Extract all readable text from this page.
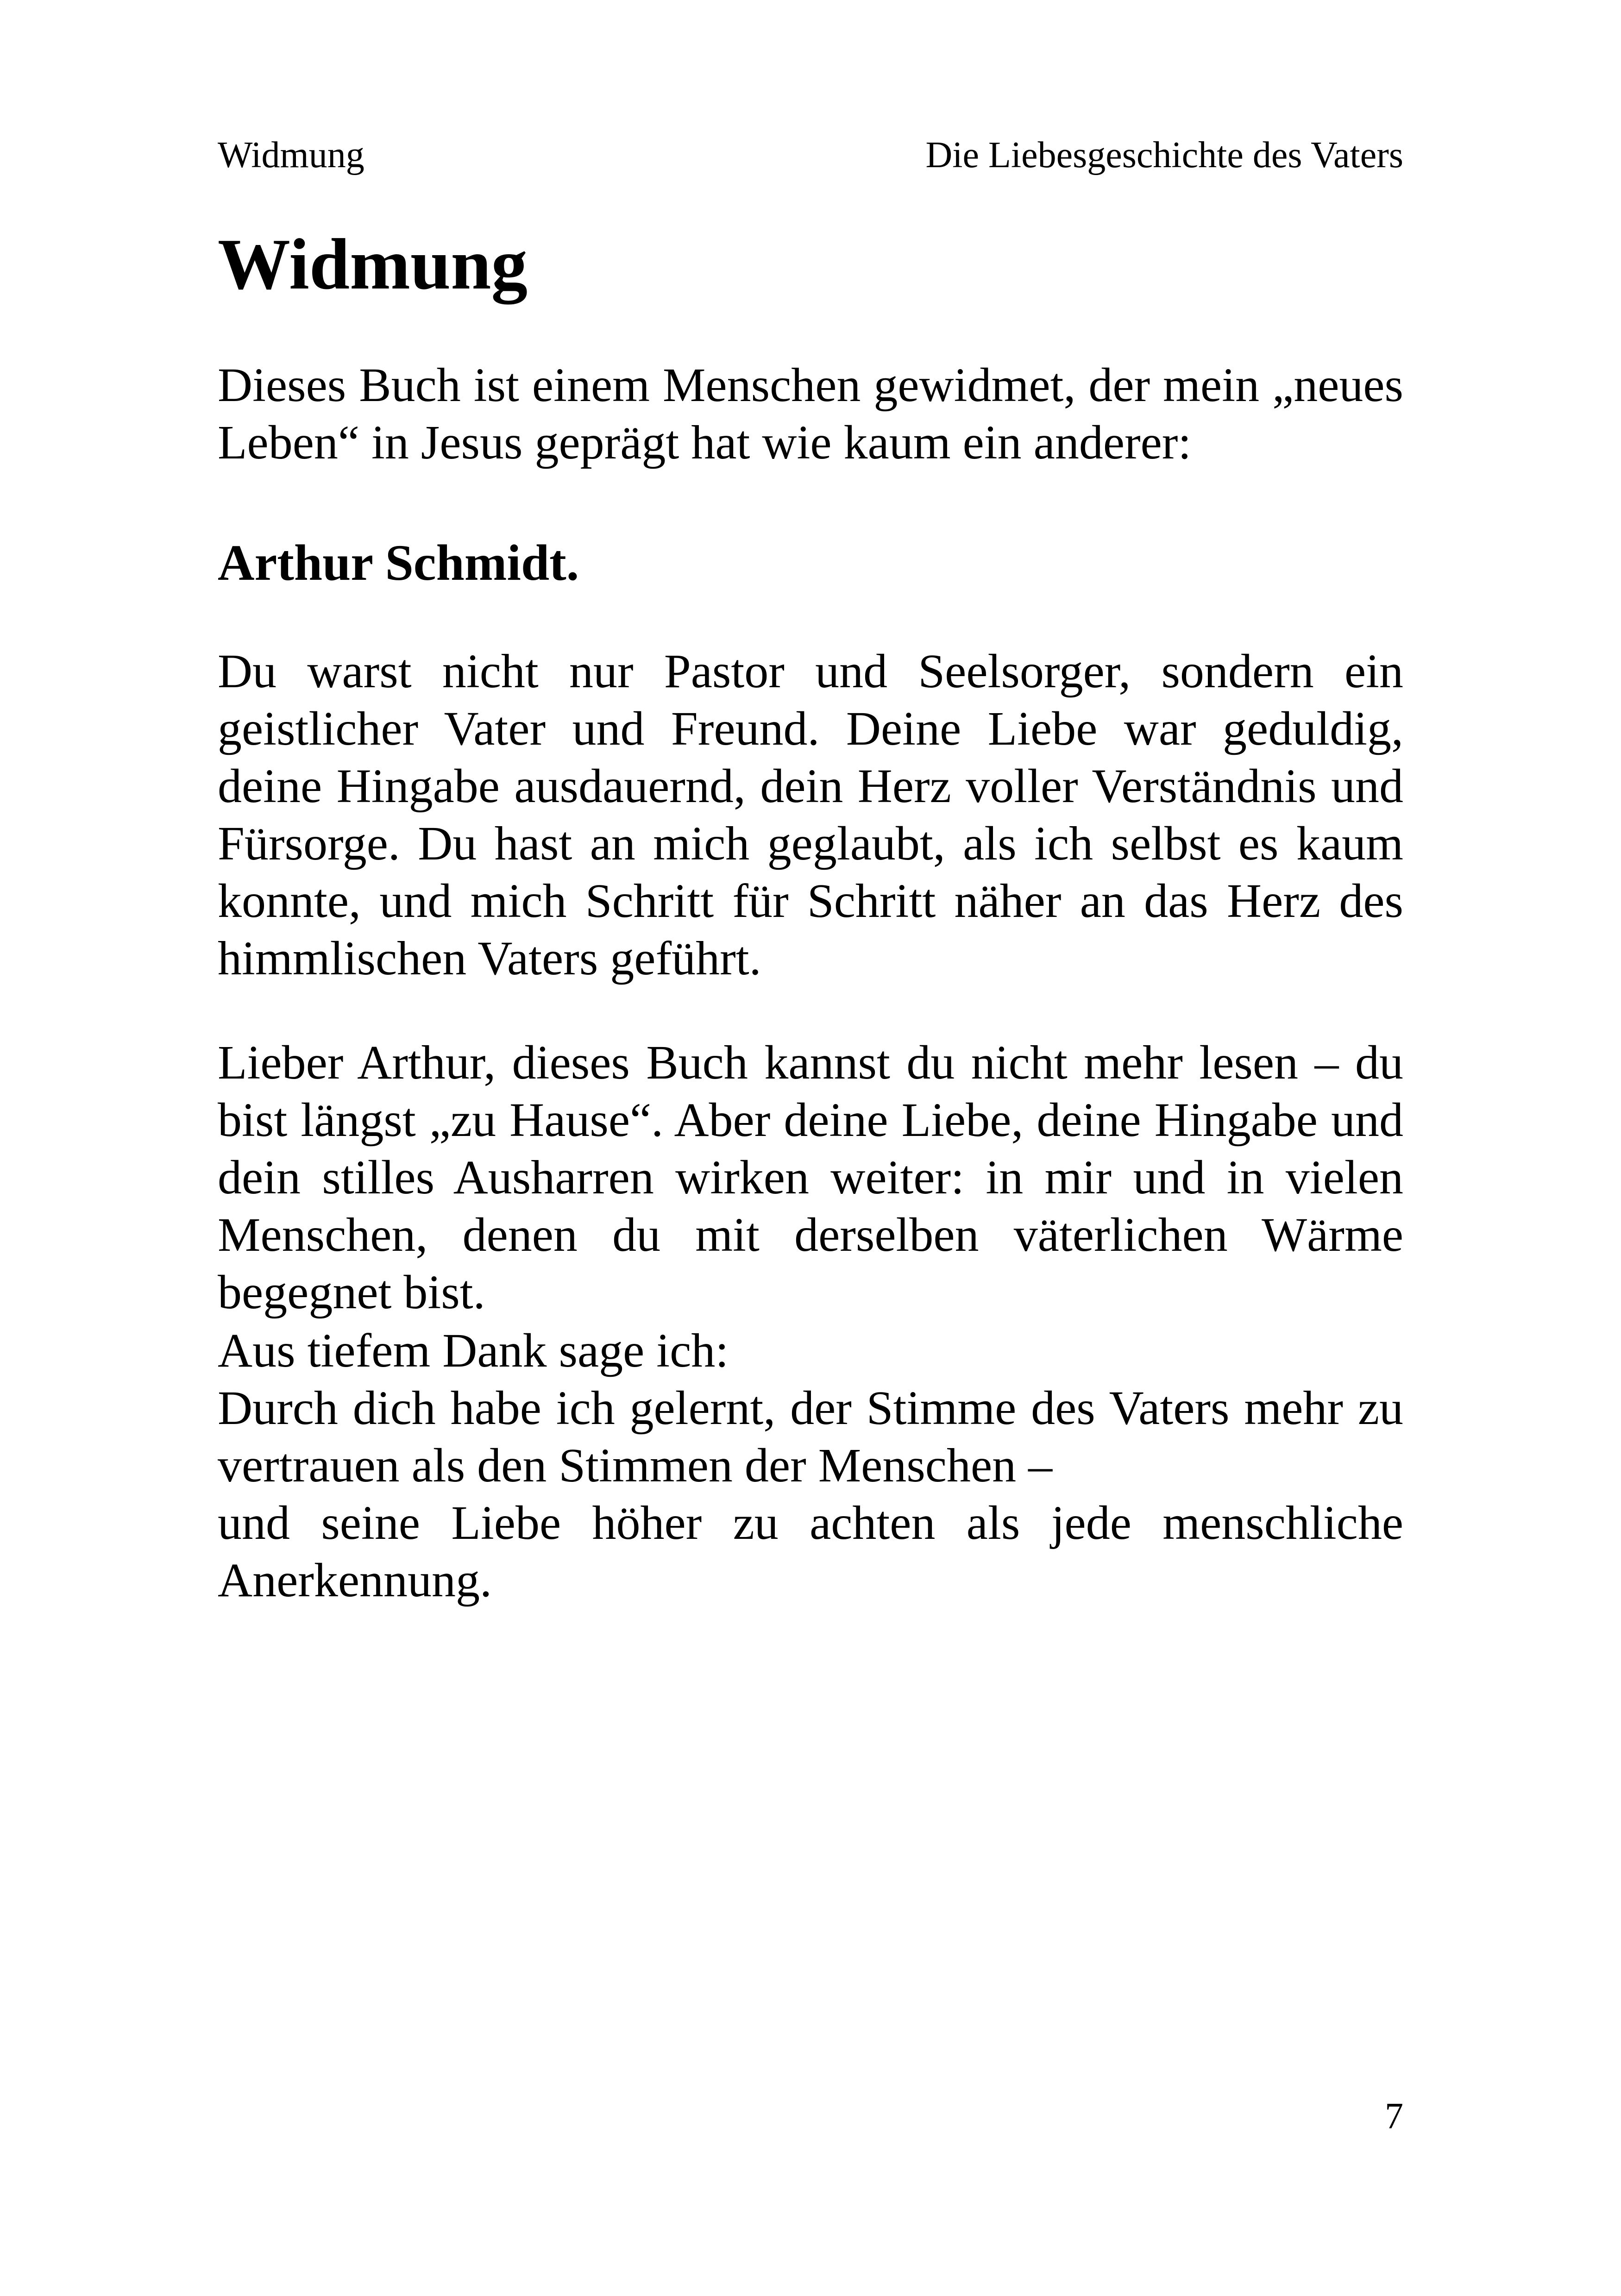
Widmung	Die Liebesgeschichte des Vaters
Widmung

Dieses Buch ist einem Menschen gewidmet, der mein „neues Leben“ in Jesus geprägt hat wie kaum ein anderer:

Arthur Schmidt.

Du warst nicht nur Pastor und Seelsorger, sondern ein geistlicher Vater und Freund. Deine Liebe war geduldig, deine Hingabe ausdauernd, dein Herz voller Verständnis und Fürsorge. Du hast an mich geglaubt, als ich selbst es kaum konnte, und mich Schritt für Schritt näher an das Herz des himmlischen Vaters geführt.

Lieber Arthur, dieses Buch kannst du nicht mehr lesen – du bist längst „zu Hause“. Aber deine Liebe, deine Hingabe und dein stilles Ausharren wirken weiter: in mir und in vielen Menschen, denen du mit derselben väterlichen Wärme begegnet bist.

Aus tiefem Dank sage ich:
Durch dich habe ich gelernt, der Stimme des Vaters mehr zu vertrauen als den Stimmen der Menschen –
und seine Liebe höher zu achten als jede menschliche Anerkennung.
7
